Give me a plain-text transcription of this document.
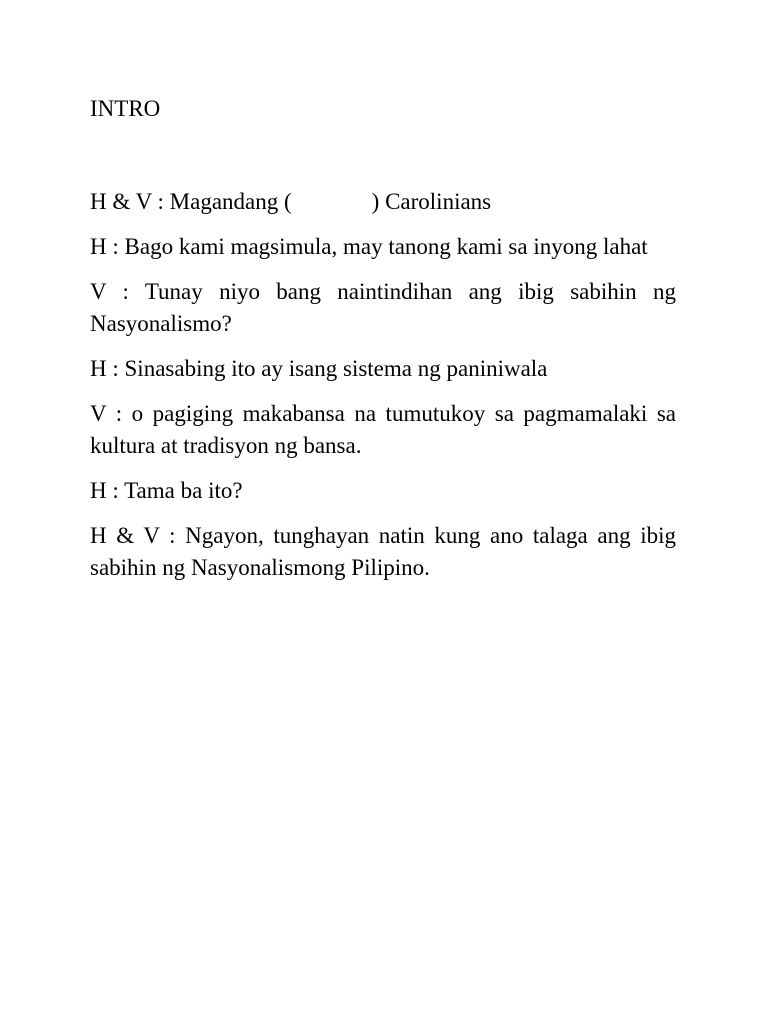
INTRO

H & V : Magandang (	) Carolinians

H : Bago kami magsimula, may tanong kami sa inyong lahat

V : Tunay niyo bang naintindihan ang ibig sabihin ng Nasyonalismo?

H : Sinasabing ito ay isang sistema ng paniniwala

V : o pagiging makabansa na tumutukoy sa pagmamalaki sa kultura at tradisyon ng bansa.

H : Tama ba ito?

H & V : Ngayon, tunghayan natin kung ano talaga ang ibig sabihin ng Nasyonalismong Pilipino.
